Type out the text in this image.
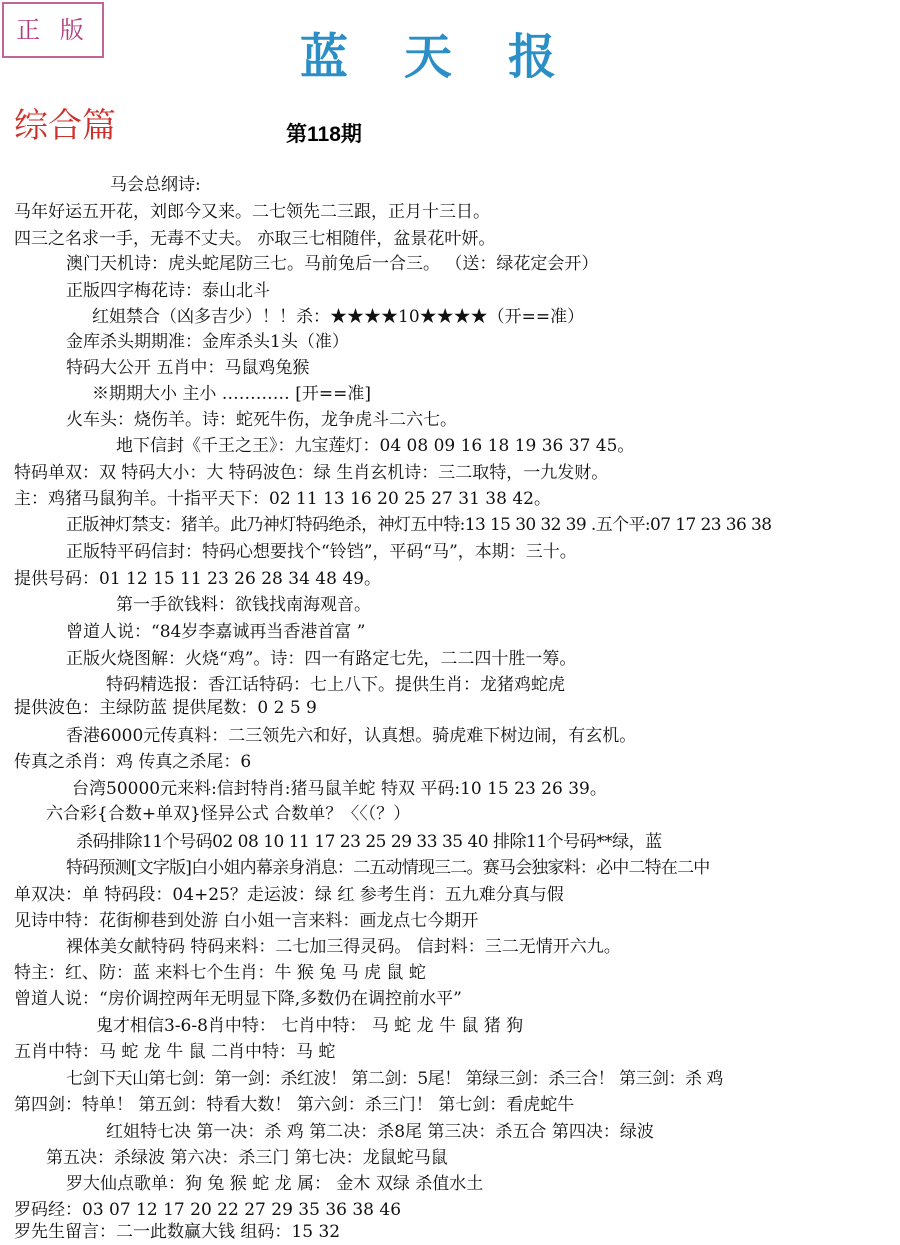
正 版	蓝天报
综合篇	第118期
马会总纲诗:
马年好运五开花，刘郎今又来。二七领先二三跟，正月十三日。
四三之名求一手，无毒不丈夫。 亦取三七相随伴，盆景花叶妍。
澳门天机诗：虎头蛇尾防三七。马前兔后一合三。 （送：绿花定会开）
正版四字梅花诗：泰山北斗
红姐禁合（凶多吉少）！！杀：★★★★10★★★★（开==准）
金库杀头期期准：金库杀头1头（准）
特码大公开 五肖中：马鼠鸡兔猴
※期期大小 主小 ………… [开==准]
火车头：烧伤羊。诗：蛇死牛伤，龙争虎斗二六七。
地下信封《千王之王》：九宝莲灯：04 08 09 16 18 19 36 37 45。
特码单双：双 特码大小：大 特码波色：绿 生肖玄机诗：三二取特，一九发财。
主：鸡猪马鼠狗羊。十指平天下：02 11 13 16 20 25 27 31 38 42。
正版神灯禁支：猪羊。此乃神灯特码绝杀，神灯五中特:13 15 30 32 39 .五个平:07 17 23 36 38
正版特平码信封：特码心想要找个“铃铛”，平码“马”，本期：三十。
提供号码：01 12 15 11 23 26 28 34 48 49。
第一手欲钱料：欲钱找南海观音。
曾道人说：“84岁李嘉诚再当香港首富 ”
正版火烧图解：火烧“鸡”。诗：四一有路定七先，二二四十胜一筹。
特码精选报：香江话特码：七上八下。提供生肖：龙猪鸡蛇虎
提供波色：主绿防蓝 提供尾数：0 2 5 9
香港6000元传真料：二三领先六和好，认真想。骑虎难下树边闹，有玄机。
传真之杀肖：鸡 传真之杀尾：6
台湾50000元来料:信封特肖:猪马鼠羊蛇 特双 平码:10 15 23 26 39。
六合彩{合数+单双}怪异公式 合数单？〈〈（？）
杀码排除11个号码02 08 10 11 17 23 25 29 33 35 40 排除11个号码**绿，蓝
特码预测[文字版]白小姐内幕亲身消息：二五动情现三二。赛马会独家料：必中二特在二中
单双决：单 特码段：04+25？走运波：绿 红 参考生肖：五九难分真与假
见诗中特：花街柳巷到处游 白小姐一言来料：画龙点七今期开
裸体美女献特码 特码来料：二七加三得灵码。 信封料：三二无情开六九。
特主：红、防：蓝 来料七个生肖：牛 猴 兔 马 虎 鼠 蛇
曾道人说：“房价调控两年无明显下降,多数仍在调控前水平”
鬼才相信3-6-8肖中特： 七肖中特： 马 蛇 龙 牛 鼠 猪 狗
五肖中特：马 蛇 龙 牛 鼠 二肖中特：马 蛇
七剑下天山第七剑：第一剑：杀红波！ 第二剑：5尾！ 第绿三剑：杀三合！ 第三剑：杀 鸡
第四剑：特单！ 第五剑：特看大数！ 第六剑：杀三门！ 第七剑：看虎蛇牛
红姐特七决 第一决：杀 鸡 第二决：杀8尾 第三决：杀五合 第四决：绿波
第五决：杀绿波 第六决：杀三门 第七决：龙鼠蛇马鼠
罗大仙点歌单：狗 兔 猴 蛇 龙 属： 金木 双绿 杀值水土
罗码经：03 07 12 17 20 22 27 29 35 36 38 46
罗先生留言：二一此数赢大钱 组码：15 32
